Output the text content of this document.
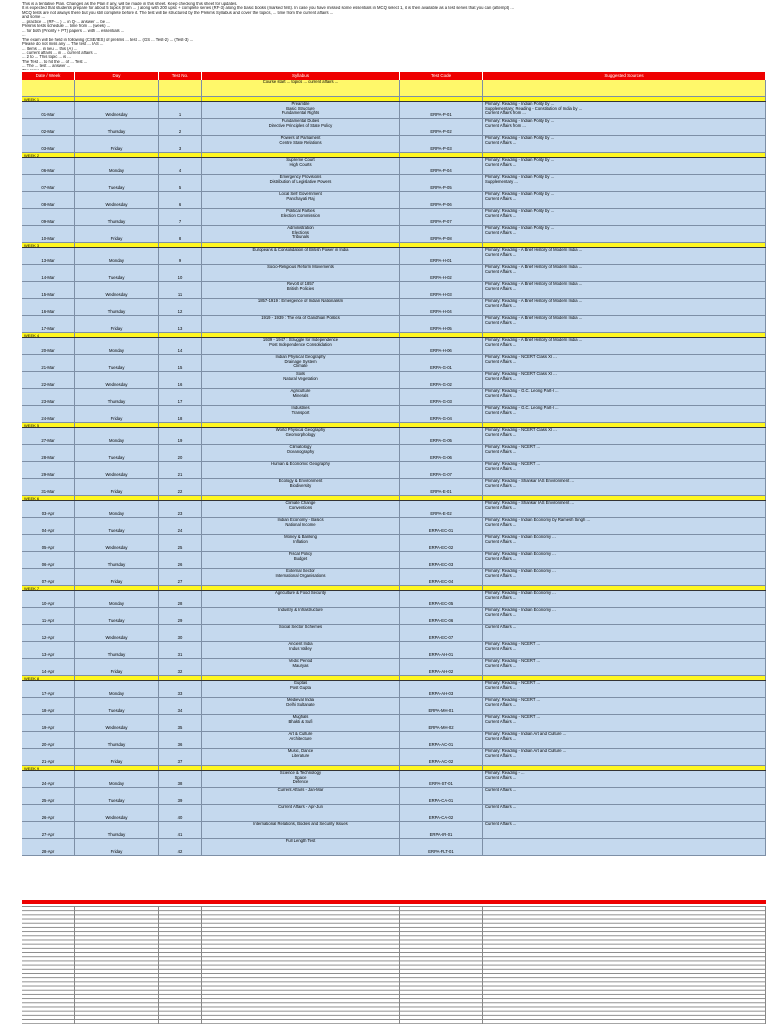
This is a tentative Plan. Changes as the Plan if any, will be made in this sheet. Keep checking this sheet for updates.
It is expected that students prepare for about 5 topics (from ... ) along with 200 upsc + complete series (RF-3) along the basic books (marked first). In case you have missed some essentials in MCQ select 1, it is then available as a test series that you can (attempt) ...
MCQ tests are not always there but you still complete before it. The test will be structured by the Prelims Syllabus and cover the topics, ... time from the current affairs ...
and some ...
... practice ... (RF-... ) ... in Q-... answer ... be ...
Prelims tests schedule ... time from ... (week) ...
... for both (Priority + PT) papers ... with ... essentials ...
...
The exam will be held in following (CSE/IES) of prelims ... test ... (GS ... Test-2) ... (Test-3) ...
Please do not miss any ... The test ... IAS ...
... Items ... in lieu ... this (A) ...
... current affairs ... in ... current affairs ...
... 2 to ... This topic ... is ...
The Test ... to hit the ... of ... Test ...
... The ... test ... answer ...
Date / Week	Day	Test No.	Syllabus	Test Code	Suggested Sources
Course start ... topics ... current affairs ...
WEEK 1
01-Mar	Wednesday	1
Preamble
Basic Structure
Fundamental Rights	ERPA-P-01
Primary: Reading - Indian Polity by ...
Supplementary: Reading - Constitution of India by ...
Current Affairs from ...
02-Mar	Thursday	2
Fundamental Duties
Directive Principles of State Policy
ERPA-P-02
Primary: Reading - Indian Polity by ...
Current Affairs from ...
03-Mar	Friday	3
Powers of Parliament
Centre State Relations
ERPA-P-03
Primary: Reading - Indian Polity by ...
Current Affairs ...
WEEK 2
06-Mar	Monday	4
Supreme Court
High Courts
ERPA-P-04
Primary: Reading - Indian Polity by ...
Current Affairs ...
07-Mar	Tuesday	5
Emergency Provisions
Distribution of Legislative Powers
ERPA-P-05
Primary: Reading - Indian Polity by ...
Supplementary ...
08-Mar	Wednesday	6
Local Self Government
Panchayati Raj
ERPA-P-06
Primary: Reading - Indian Polity by ...
Current Affairs ...
09-Mar	Thursday	7
Political Parties
Election Commission
ERPA-P-07
Primary: Reading - Indian Polity by ...
Current Affairs ...
10-Mar	Friday	8
Administration
Elections
Tribunals	ERPA-P-08
Primary: Reading - Indian Polity by ...
Current Affairs ...
WEEK 3
13-Mar	Monday	9
Europeans & Consolidation of British Power in India
ERPA-H-01
Primary: Reading - A Brief History of Modern India ...
Current Affairs ...
14-Mar	Tuesday	10
Socio-Religious Reform Movements
ERPA-H-02
Primary: Reading - A Brief History of Modern India ...
Current Affairs ...
15-Mar	Wednesday	11
Revolt of 1857
British Policies
ERPA-H-03
Primary: Reading - A Brief History of Modern India ...
Current Affairs ...
16-Mar	Thursday	12
1857-1919 : Emergence of Indian Nationalism
ERPA-H-04
Primary: Reading - A Brief History of Modern India ...
Current Affairs ...
17-Mar	Friday	13
1919 - 1939 : The era of Gandhian Politics
ERPA-H-05
Primary: Reading - A Brief History of Modern India ...
Current Affairs ...
WEEK 4
20-Mar	Monday	14
1939 - 1947 : Struggle for Independence
Post Independence Consolidation
ERPA-H-06
Primary: Reading - A Brief History of Modern India ...
Current Affairs ...
21-Mar	Tuesday	15
Indian Physical Geography
Drainage System
Climate	ERPA-G-01
Primary: Reading - NCERT Class XI ...
Current Affairs ...
22-Mar	Wednesday	16
Soils
Natural Vegetation
ERPA-G-02
Primary: Reading - NCERT Class XI ...
Current Affairs ...
23-Mar	Thursday	17
Agriculture
Minerals
ERPA-G-03
Primary: Reading - G.C. Leong Part-I ...
Current Affairs ...
24-Mar	Friday	18
Industries
Transport
ERPA-G-04
Primary: Reading - G.C. Leong Part-I ...
Current Affairs ...
WEEK 5
27-Mar	Monday	19
World Physical Geography
Geomorphology
ERPA-G-05
Primary: Reading - NCERT Class XI ...
Current Affairs ...
28-Mar	Tuesday	20
Climatology
Oceanography
ERPA-G-06
Primary: Reading - NCERT ...
Current Affairs ...
29-Mar	Wednesday	21
Human & Economic Geography
ERPA-G-07
Primary: Reading - NCERT ...
Current Affairs ...
31-Mar	Friday	22
Ecology & Environment
Biodiversity
ERPA-E-01
Primary: Reading - Shankar IAS Environment ...
Current Affairs ...
WEEK 6
03-Apr	Monday	23
Climate Change
Conventions
ERPA-E-02
Primary: Reading - Shankar IAS Environment ...
Current Affairs ...
04-Apr	Tuesday	24
Indian Economy - Basics
National Income
ERPA-EC-01
Primary: Reading - Indian Economy by Ramesh Singh ...
Current Affairs ...
05-Apr	Wednesday	25
Money & Banking
Inflation
ERPA-EC-02
Primary: Reading - Indian Economy ...
Current Affairs ...
06-Apr	Thursday	26
Fiscal Policy
Budget
ERPA-EC-03
Primary: Reading - Indian Economy ...
Current Affairs ...
07-Apr	Friday	27
External Sector
International Organisations
ERPA-EC-04
Primary: Reading - Indian Economy ...
Current Affairs ...
WEEK 7
10-Apr	Monday	28
Agriculture & Food Security
ERPA-EC-05
Primary: Reading - Indian Economy ...
Current Affairs ...
11-Apr	Tuesday	29
Industry & Infrastructure
ERPA-EC-06
Primary: Reading - Indian Economy ...
Current Affairs ...
12-Apr	Wednesday	30
Social Sector Schemes
ERPA-EC-07
Current Affairs ...
13-Apr	Thursday	31
Ancient India
Indus Valley
ERPA-AH-01
Primary: Reading - NCERT ...
Current Affairs ...
14-Apr	Friday	32
Vedic Period
Mauryas
ERPA-AH-02
Primary: Reading - NCERT ...
Current Affairs ...
WEEK 8
17-Apr	Monday	33
Guptas
Post Gupta
ERPA-AH-03
Primary: Reading - NCERT ...
Current Affairs ...
18-Apr	Tuesday	34
Medieval India
Delhi Sultanate
ERPA-MH-01
Primary: Reading - NCERT ...
Current Affairs ...
19-Apr	Wednesday	35
Mughals
Bhakti & Sufi
ERPA-MH-02
Primary: Reading - NCERT ...
Current Affairs ...
20-Apr	Thursday	36
Art & Culture
Architecture
ERPA-AC-01
Primary: Reading - Indian Art and Culture ...
Current Affairs ...
21-Apr	Friday	37
Music, Dance
Literature
ERPA-AC-02
Primary: Reading - Indian Art and Culture ...
Current Affairs ...
WEEK 9
24-Apr	Monday	38
Science & Technology
Space
Defence	ERPA-ST-01
Primary: Reading - ...
Current Affairs ...
25-Apr	Tuesday	39
Current Affairs - Jan-Mar
ERPA-CA-01
Current Affairs ...
26-Apr	Wednesday	40
Current Affairs - Apr-Jun
ERPA-CA-02
Current Affairs ...
27-Apr	Thursday	41
International Relations, Bodies and Security Issues
ERPA-IR-01
Current Affairs ...
28-Apr	Friday	42
Full Length Test
ERPA-FLT-01
